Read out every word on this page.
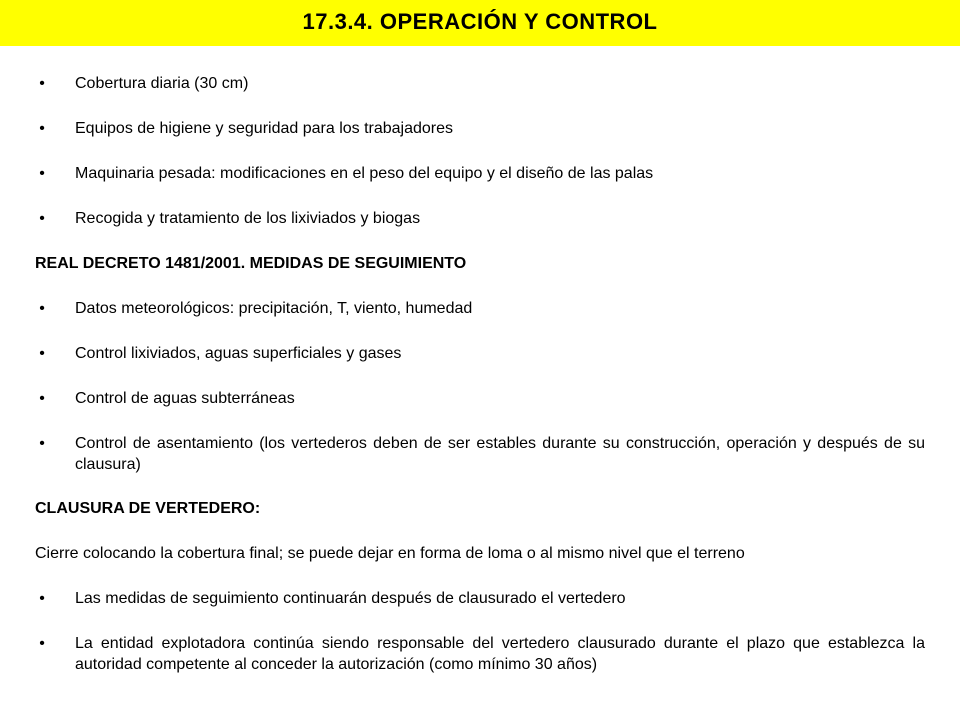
17.3.4. OPERACIÓN Y CONTROL
• Cobertura diaria (30 cm)
• Equipos de higiene y seguridad para los trabajadores
• Maquinaria pesada: modificaciones en el peso del equipo y el diseño de las palas
• Recogida y tratamiento de los lixiviados y biogas
REAL DECRETO 1481/2001. MEDIDAS DE SEGUIMIENTO
• Datos meteorológicos: precipitación, T, viento, humedad
• Control lixiviados, aguas superficiales y gases
• Control de aguas subterráneas
• Control de asentamiento (los vertederos deben de ser estables durante su construcción, operación y después de su clausura)
CLAUSURA DE VERTEDERO:
Cierre colocando la cobertura final; se puede dejar en forma de loma o al mismo nivel que el terreno
• Las medidas de seguimiento continuarán después de clausurado el vertedero
• La entidad explotadora continúa siendo responsable del vertedero clausurado durante el plazo que establezca la autoridad competente al conceder la autorización (como mínimo 30 años)
